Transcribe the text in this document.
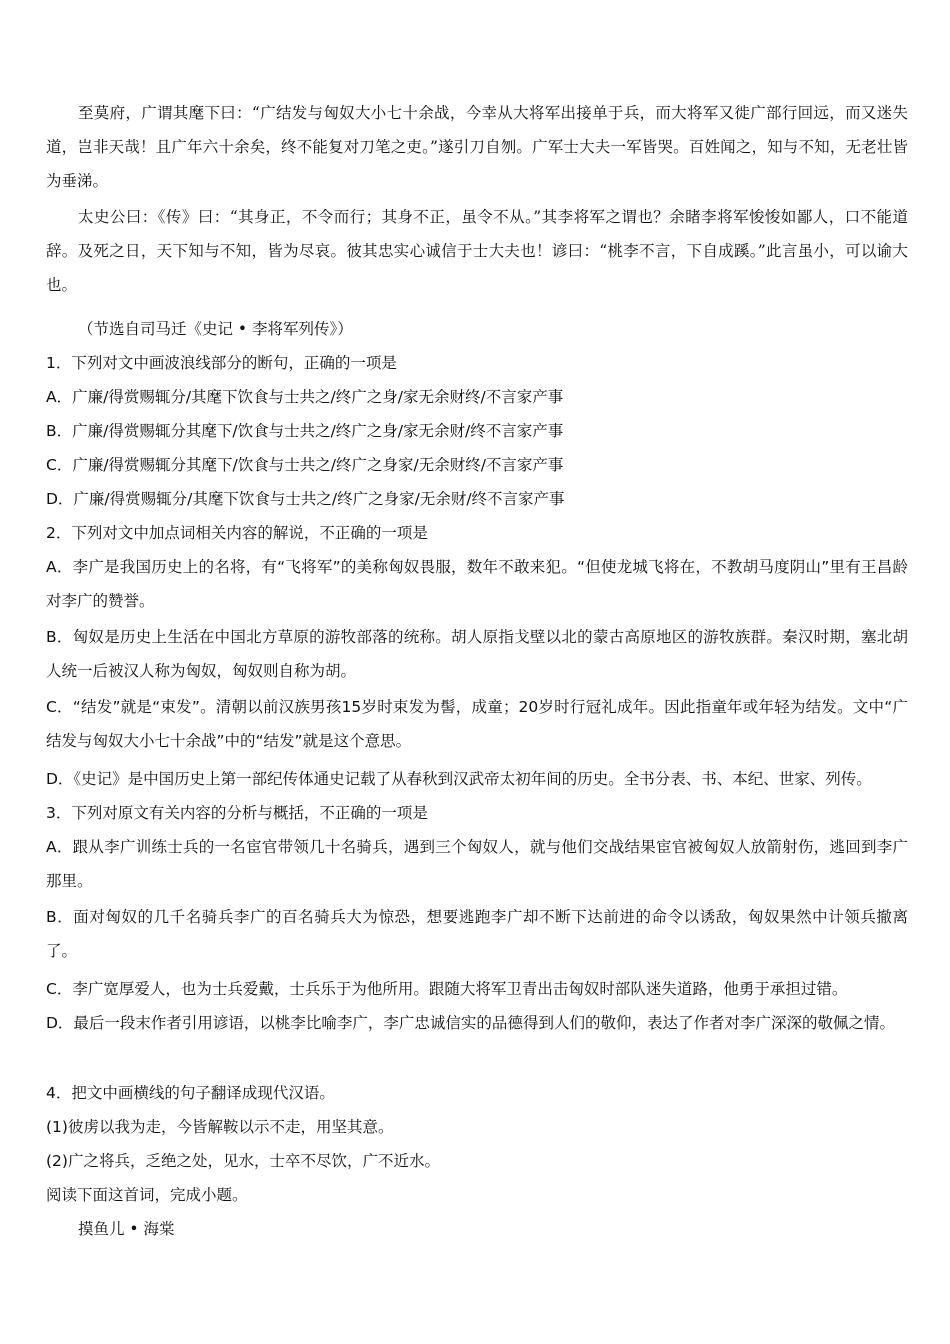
至莫府，广谓其麾下曰：“广结发与匈奴大小七十余战，今幸从大将军出接单于兵，而大将军又徙广部行回远，而又迷失道，岂非天哉！且广年六十余矣，终不能复对刀笔之吏。”遂引刀自刎。广军士大夫一军皆哭。百姓闻之，知与不知，无老壮皆为垂涕。
太史公曰：《传》曰：“其身正，不令而行；其身不正，虽令不从。”其李将军之谓也？余睹李将军悛悛如鄙人，口不能道辞。及死之日，天下知与不知，皆为尽哀。彼其忠实心诚信于士大夫也！谚曰：“桃李不言，下自成蹊。”此言虽小，可以谕大也。
（节选自司马迁《史记 • 李将军列传》）
1．下列对文中画波浪线部分的断句，正确的一项是
A．广廉/得赏赐辄分/其麾下饮食与士共之/终广之身/家无余财终/不言家产事
B．广廉/得赏赐辄分其麾下/饮食与士共之/终广之身/家无余财/终不言家产事
C．广廉/得赏赐辄分其麾下/饮食与士共之/终广之身家/无余财终/不言家产事
D．广廉/得赏赐辄分/其麾下饮食与士共之/终广之身家/无余财/终不言家产事
2．下列对文中加点词相关内容的解说，不正确的一项是
A．李广是我国历史上的名将，有“飞将军”的美称匈奴畏服，数年不敢来犯。“但使龙城飞将在，不教胡马度阴山”里有王昌龄对李广的赞誉。
B．匈奴是历史上生活在中国北方草原的游牧部落的统称。胡人原指戈壁以北的蒙古高原地区的游牧族群。秦汉时期，塞北胡人统一后被汉人称为匈奴，匈奴则自称为胡。
C．“结发”就是“束发”。清朝以前汉族男孩15岁时束发为髻，成童；20岁时行冠礼成年。因此指童年或年轻为结发。文中“广结发与匈奴大小七十余战”中的“结发”就是这个意思。
D．《史记》是中国历史上第一部纪传体通史记载了从春秋到汉武帝太初年间的历史。全书分表、书、本纪、世家、列传。
3．下列对原文有关内容的分析与概括，不正确的一项是
A．跟从李广训练士兵的一名宦官带领几十名骑兵，遇到三个匈奴人，就与他们交战结果宦官被匈奴人放箭射伤，逃回到李广那里。
B．面对匈奴的几千名骑兵李广的百名骑兵大为惊恐，想要逃跑李广却不断下达前进的命令以诱敌，匈奴果然中计领兵撤离了。
C．李广宽厚爱人，也为士兵爱戴，士兵乐于为他所用。跟随大将军卫青出击匈奴时部队迷失道路，他勇于承担过错。
D．最后一段末作者引用谚语，以桃李比喻李广，李广忠诚信实的品德得到人们的敬仰，表达了作者对李广深深的敬佩之情。
4．把文中画横线的句子翻译成现代汉语。
(1)彼虏以我为走，今皆解鞍以示不走，用坚其意。
(2)广之将兵，乏绝之处，见水，士卒不尽饮，广不近水。
阅读下面这首词，完成小题。
摸鱼儿 • 海棠
